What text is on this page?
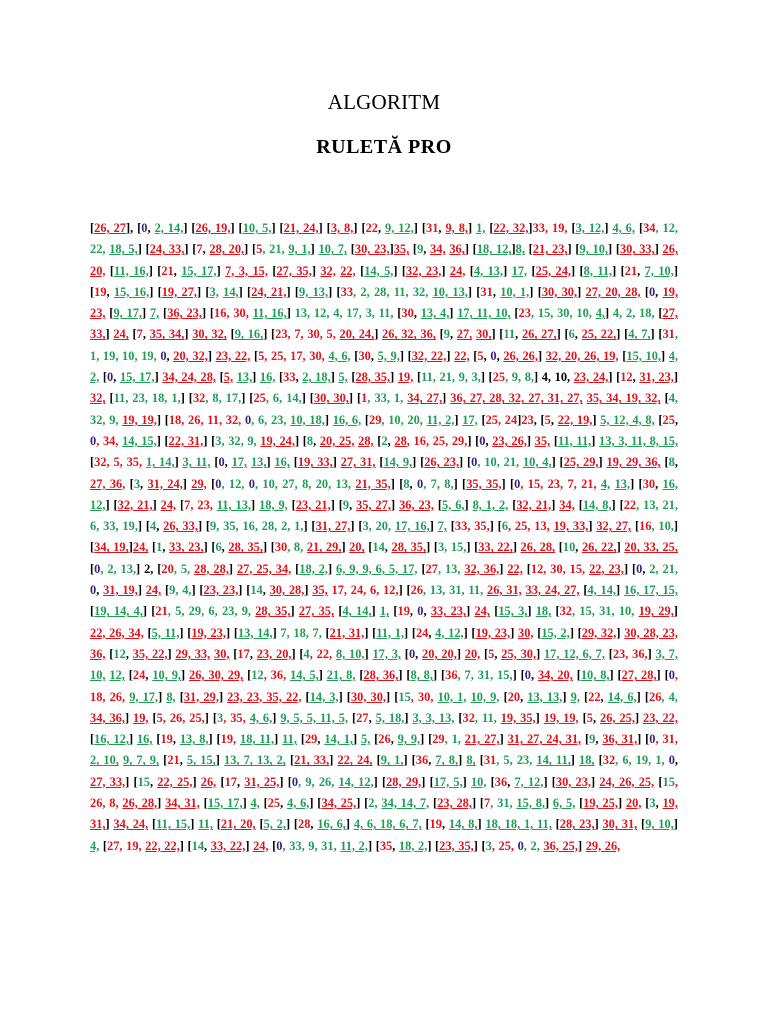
ALGORITM
RULETĂ PRO
[26, 27], [0, 2, 14,] [26, 19,] [10, 5,] [21, 24,] [3, 8,] [22, 9, 12,] [31, 9, 8,] 1, [22, 32,]33, 19, [3, 12,] 4, 6, [34, 12, 22, 18, 5,] [24, 33,] [7, 28, 20,] [5, 21, 9, 1,] 10, 7, [30, 23,]35, [9, 34, 36,] [18, 12,]8, [21, 23,] [9, 10,] [30, 33,] 26, 20, [11, 16,] [21, 15, 17,] 7, 3, 15, [27, 35,] 32, 22, [14, 5,] [32, 23,] 24, [4, 13,] 17, [25, 24,] [8, 11,] [21, 7, 10,] [19, 15, 16,] [19, 27,] [3, 14,] [24, 21,] [9, 13,] [33, 2, 28, 11, 32, 10, 13,] [31, 10, 1,] [30, 30,] 27, 20, 28, [0, 19, 23, [9, 17,] 7, [36, 23,] [16, 30, 11, 16,] 13, 12, 4, 17, 3, 11, [30, 13, 4,] 17, 11, 10, [23, 15, 30, 10, 4,] 4, 2, 18, [27, 33,] 24, [7, 35, 34,] 30, 32, [9, 16,] [23, 7, 30, 5, 20, 24,] 26, 32, 36, [9, 27, 30,] [11, 26, 27,] [6, 25, 22,] [4, 7,] [31, 1, 19, 10, 19, 0, 20, 32,] 23, 22, [5, 25, 17, 30, 4, 6, [30, 5, 9,] [32, 22,] 22, [5, 0, 26, 26,] 32, 20, 26, 19, [15, 10,] 4, 2, [0, 15, 17,] 34, 24, 28, [5, 13,] 16, [33, 2, 18,] 5, [28, 35,] 19, [11, 21, 9, 3,] [25, 9, 8,] 4, 10, 23, 24,] [12, 31, 23,] 32, [11, 23, 18, 1,] [32, 8, 17,] [25, 6, 14,] [30, 30,] [1, 33, 1, 34, 27,] 36, 27, 28, 32, 27, 31, 27, 35, 34, 19, 32, [4, 32, 9, 19, 19,] [18, 26, 11, 32, 0, 6, 23, 10, 18,] 16, 6, [29, 10, 20, 11, 2,] 17, [25, 24]23, [5, 22, 19,] 5, 12, 4, 8, [25, 0, 34, 14, 15,] [22, 31,] [3, 32, 9, 19, 24,] [8, 20, 25, 28, [2, 28, 16, 25, 29,] [0, 23, 26,] 35, [11, 11,] 13, 3, 11, 8, 15, [32, 5, 35, 1, 14,] 3, 11, [0, 17, 13,] 16, [19, 33,] 27, 31, [14, 9,] [26, 23,] [0, 10, 21, 10, 4,] [25, 29,] 19, 29, 36, [8, 27, 36, [3, 31, 24,] 29, [0, 12, 0, 10, 27, 8, 20, 13, 21, 35,] [8, 0, 7, 8,] [35, 35,] [0, 15, 23, 7, 21, 4, 13,] [30, 16, 12,] [32, 21,] 24, [7, 23, 11, 13,] 18, 9, [23, 21,] [9, 35, 27,] 36, 23, [5, 6,] 8, 1, 2, [32, 21,] 34, [14, 8,] [22, 13, 21, 6, 33, 19,] [4, 26, 33,] [9, 35, 16, 28, 2, 1,] [31, 27,] [3, 20, 17, 16,] 7, [33, 35,] [6, 25, 13, 19, 33,] 32, 27, [16, 10,] [34, 19,]24, [1, 33, 23,] [6, 28, 35,] [30, 8, 21, 29,] 20, [14, 28, 35,] [3, 15,] [33, 22,] 26, 28, [10, 26, 22,] 20, 33, 25, [0, 2, 13,] 2, [20, 5, 28, 28,] 27, 25, 34, [18, 2,] 6, 9, 9, 6, 5, 17, [27, 13, 32, 36,] 22, [12, 30, 15, 22, 23,] [0, 2, 21, 0, 31, 19,] 24, [9, 4,] [23, 23,] [14, 30, 28,] 35, 17, 24, 6, 12,] [26, 13, 31, 11, 26, 31, 33, 24, 27, [4, 14,] 16, 17, 15, [19, 14, 4,] [21, 5, 29, 6, 23, 9, 28, 35,] 27, 35, [4, 14,] 1, [19, 0, 33, 23,] 24, [15, 3,] 18, [32, 15, 31, 10, 19, 29,] 22, 26, 34, [5, 11,] [19, 23,] [13, 14,] 7, 18, 7, [21, 31,] [11, 1,] [24, 4, 12,] [19, 23,] 30, [15, 2,] [29, 32,] 30, 28, 23, 36, [12, 35, 22,] 29, 33, 30, [17, 23, 20,] [4, 22, 8, 10,] 17, 3, [0, 20, 20,] 20, [5, 25, 30,] 17, 12, 6, 7, [23, 36,] 3, 7, 10, 12, [24, 10, 9,] 26, 30, 29, [12, 36, 14, 5,] 21, 8, [28, 36,] [8, 8,] [36, 7, 31, 15,] [0, 34, 20, [10, 8,] [27, 28,] [0, 18, 26, 9, 17,] 8, [31, 29,] 23, 23, 35, 22, [14, 3,] [30, 30,] [15, 30, 10, 1, 10, 9, [20, 13, 13,] 9, [22, 14, 6,] [26, 4, 34, 36,] 19, [5, 26, 25,] [3, 35, 4, 6,] 9, 5, 5, 11, 5, [27, 5, 18,] 3, 3, 13, [32, 11, 19, 35,] 19, 19, [5, 26, 25,] 23, 22, [16, 12,] 16, [19, 13, 8,] [19, 18, 11,] 11, [29, 14, 1,] 5, [26, 9, 9,] [29, 1, 21, 27,] 31, 27, 24, 31, [9, 36, 31,] [0, 31, 2, 10, 9, 7, 9, [21, 5, 15,] 13, 7, 13, 2, [21, 33,] 22, 24, [9, 1,] [36, 7, 8,] 8, [31, 5, 23, 14, 11,] 18, [32, 6, 19, 1, 0, 27, 33,] [15, 22, 25,] 26, [17, 31, 25,] [0, 9, 26, 14, 12,] [28, 29,] [17, 5,] 10, [36, 7, 12,] [30, 23,] 24, 26, 25, [15, 26, 8, 26, 28,] 34, 31, [15, 17,] 4, [25, 4, 6,] [34, 25,] [2, 34, 14, 7, [23, 28,] [7, 31, 15, 8,] 6, 5, [19, 25,] 20, [3, 19, 31,] 34, 24, [11, 15,] 11, [21, 20, [5, 2,] [28, 16, 6,] 4, 6, 18, 6, 7, [19, 14, 8,] 18, 18, 1, 11, [28, 23,] 30, 31, [9, 10,] 4, [27, 19, 22, 22,] [14, 33, 22,] 24, [0, 33, 9, 31, 11, 2,] [35, 18, 2,] [23, 35,] [3, 25, 0, 2, 36, 25,] 29, 26,
